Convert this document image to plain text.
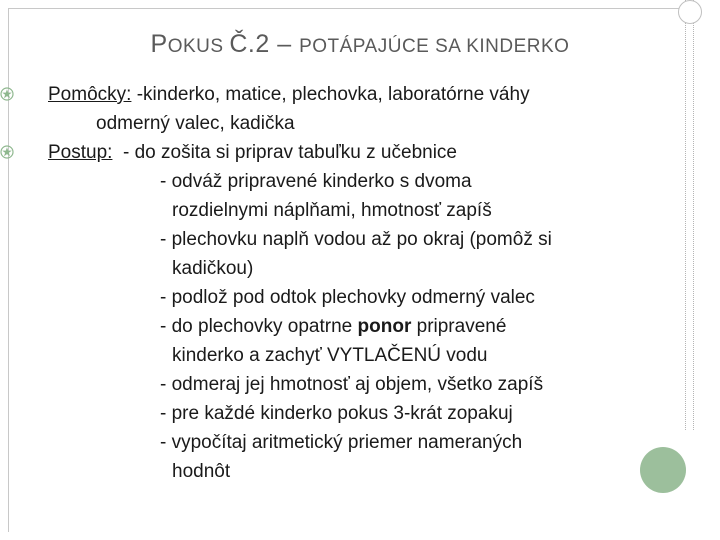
POKUS Č.2 – POTÁPAJÚCE SA KINDERKO
Pomôcky: -kinderko, matice, plechovka, laboratórne váhy
odmerný valec, kadička
Postup: - do zošita si priprav tabuľku z učebnice
- odváž pripravené kinderko s dvoma
rozdielnymi náplňami, hmotnosť zapíš
- plechovku naplň vodou až po okraj (pomôž si
kadičkou)
- podlož pod odtok plechovky odmerný valec
- do plechovky opatrne ponor pripravené
kinderko a zachyť VYTLAČENÚ vodu
- odmeraj jej hmotnosť aj objem, všetko zapíš
- pre každé kinderko pokus 3-krát zopakuj
- vypočítaj aritmetický priemer nameraných
hodnôt
